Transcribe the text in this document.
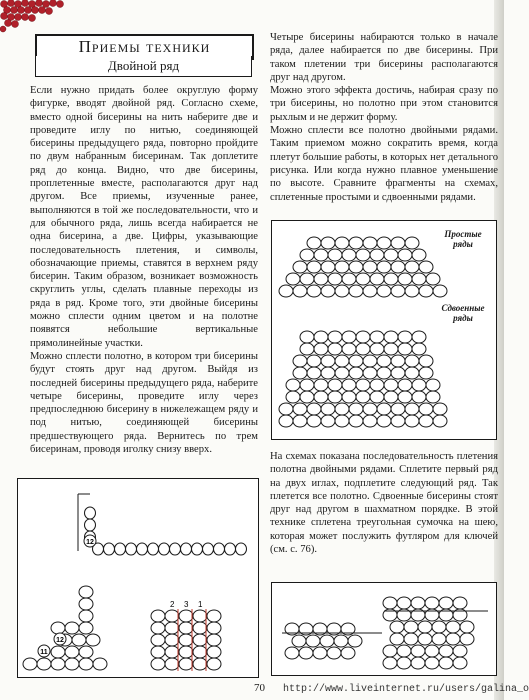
Приемы техники
Двойной ряд

Если нужно придать более округлую форму фигурке, вводят двойной ряд. Согласно схеме, вместо одной бисерины на нить наберите две и проведите иглу по нитью, соединяющей бисерины предыдущего ряда, повторно пройдите по двум набранным бисеринам. Так доплетите ряд до конца. Видно, что две бисерины, проплетенные вместе, располагаются друг над другом. Все приемы, изученные ранее, выполняются в той же последовательности, что и для обычного ряда, лишь всегда набирается не одна бисерина, а две. Цифры, указывающие последовательность плетения, и символы, обозначающие приемы, ставятся в верхнем ряду бисерин. Таким образом, возникает возможность скруглить углы, сделать плавные переходы из ряда в ряд. Кроме того, эти двойные бисерины можно сплести одним цветом и на полотне появятся небольшие вертикальные прямолинейные участки.

Можно сплести полотно, в котором три бисерины будут стоять друг над другом. Выйдя из последней бисерины предыдущего ряда, наберите четыре бисерины, проведите иглу через предпоследнюю бисерину в нижележащем ряду и под нитью, соединяющей бисерины предшествующего ряда. Вернитесь по трем бисеринам, проводя иголку снизу вверх.

Четыре бисерины набираются только в начале ряда, далее набирается по две бисерины. При таком плетении три бисерины располагаются друг над другом.

Можно этого эффекта достичь, набирая сразу по три бисерины, но полотно при этом становится рыхлым и не держит форму.

Можно сплести все полотно двойными рядами. Таким приемом можно сократить время, когда плетут большие работы, в которых нет детального рисунка. Или когда нужно плавное уменьшение по высоте. Сравните фрагменты на схемах, сплетенные простыми и сдвоенными рядами.

Простые ряды
Сдвоенные ряды

На схемах показана последовательность плетения полотна двойными рядами. Сплетите первый ряд на двух иглах, подплетите следующий ряд. Так плетется все полотно. Сдвоенные бисерины стоят друг над другом в шахматном порядке. В этой технике сплетена треугольная сумочка на шею, которая может послужить футляром для ключей (см. с. 76).

12
12
11
2 3 1
70 http://www.liveinternet.ru/users/galina_o
